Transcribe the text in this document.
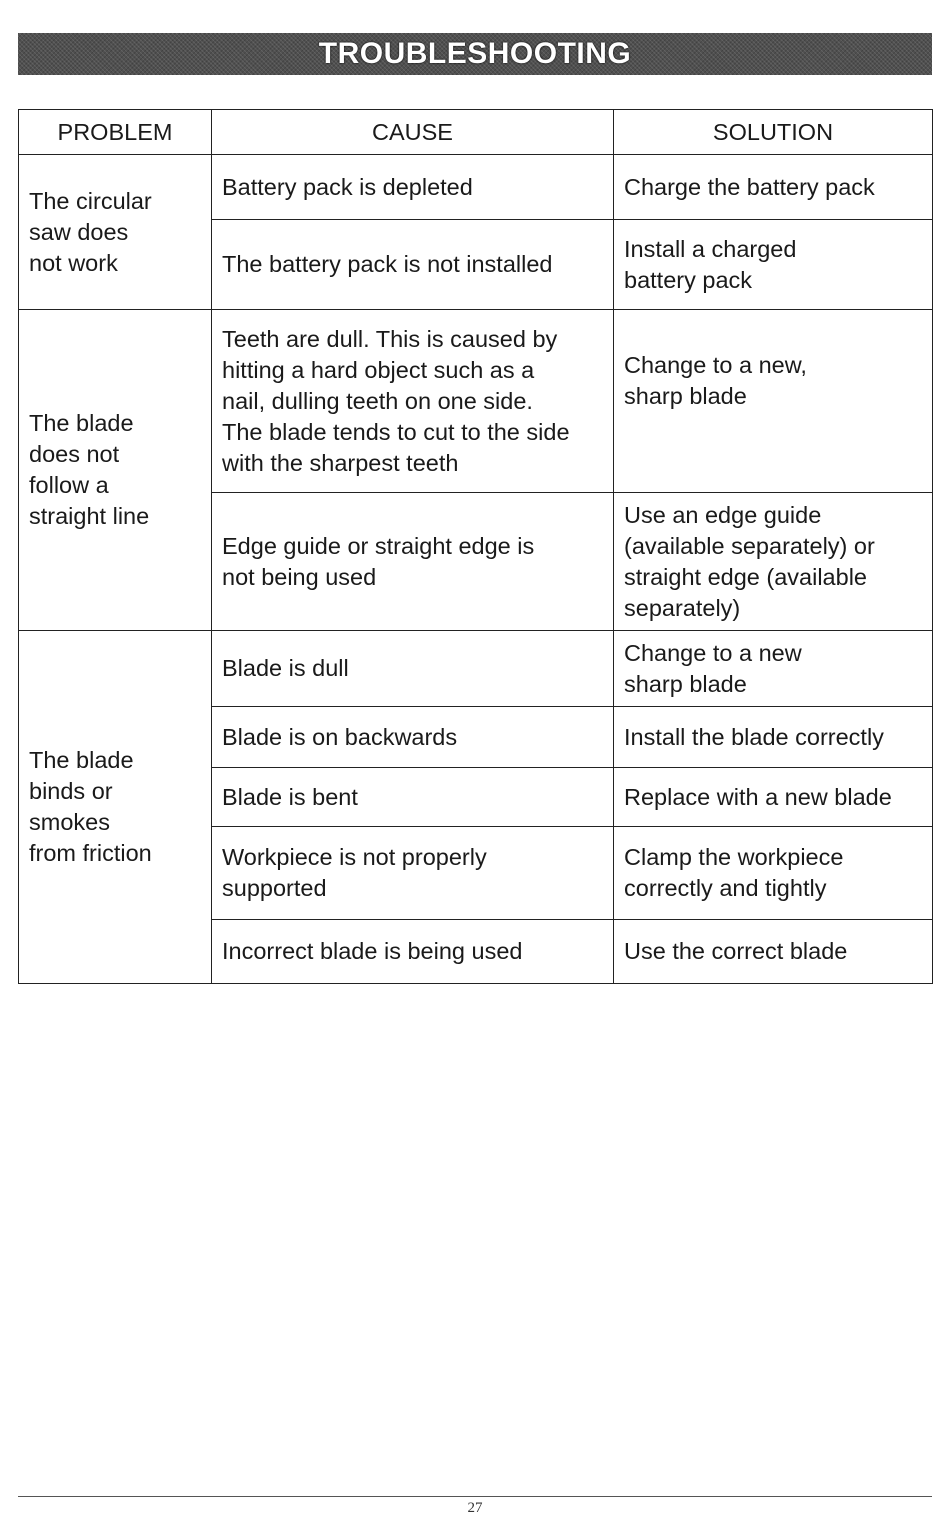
TROUBLESHOOTING
PROBLEM	CAUSE	SOLUTION

The circular
saw does
not work	Battery pack is depleted	Charge the battery pack

	The battery pack is not installed	Install a charged
battery pack

The blade
does not
follow a
straight line	Teeth are dull. This is caused by
hitting a hard object such as a
nail, dulling teeth on one side.
The blade tends to cut to the side
with the sharpest teeth	Change to a new,
sharp blade

	Edge guide or straight edge is
not being used	Use an edge guide
(available separately) or
straight edge (available
separately)

The blade
binds or
smokes
from friction	Blade is dull	Change to a new
sharp blade

	Blade is on backwards	Install the blade correctly

	Blade is bent	Replace with a new blade

	Workpiece is not properly
supported	Clamp the workpiece
correctly and tightly

	Incorrect blade is being used	Use the correct blade
27
